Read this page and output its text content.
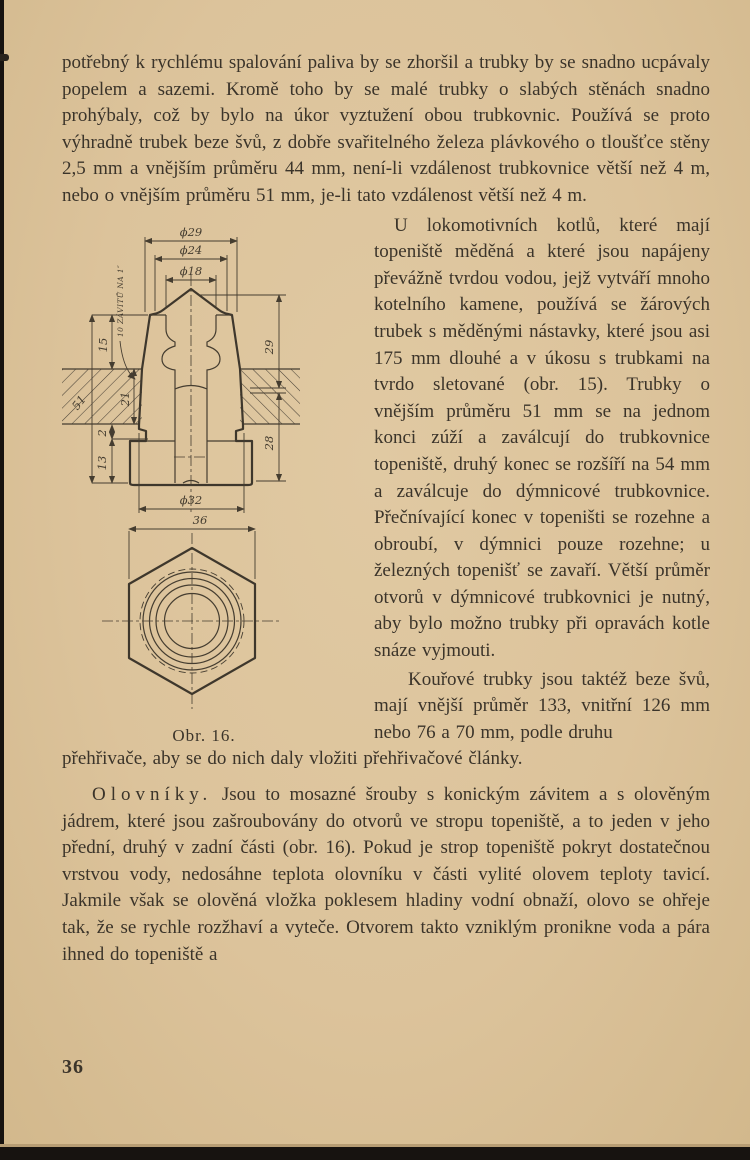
potřebný k rychlému spalování paliva by se zhoršil a trubky by se snadno ucpávaly popelem a sazemi. Kromě toho by se malé trubky o slabých stěnách snadno prohýbaly, což by bylo na úkor vyztužení obou trubkovnic. Používá se proto výhradně trubek beze švů, z dobře svařitelného železa plávkového o tloušťce stěny 2,5 mm a vnějším průměru 44 mm, není-li vzdálenost trubkovnice větší než 4 m, nebo o vnějším průměru 51 mm, je-li tato vzdálenost větší než 4 m.

ϕ29
ϕ24
ϕ18
29
28
15
21
2
13
51
10 ZÁVITŮ NA 1″
ϕ32
36
Obr. 16.

U lokomotivních kotlů, které mají topeniště měděná a které jsou napájeny převážně tvrdou vodou, jejž vytváří mnoho kotelního kamene, používá se žárových trubek s měděnými nástavky, které jsou asi 175 mm dlouhé a v úkosu s trubkami na tvrdo sletované (obr. 15). Trubky o vnějším průměru 51 mm se na jednom konci zúží a zaválcují do trubkovnice topeniště, druhý konec se rozšíří na 54 mm a zaválcuje do dýmnicové trubkovnice. Přečnívající konec v topeništi se rozehne a obroubí, v dýmnici pouze rozehne; u železných topenišť se zavaří. Větší průměr otvorů v dýmnicové trubkovnici je nutný, aby bylo možno trubky při opravách kotle snáze vyjmouti.

Kouřové trubky jsou taktéž beze švů, mají vnější průměr 133, vnitřní 126 mm nebo 76 a 70 mm, podle druhu

přehřivače, aby se do nich daly vložiti přehřivačové články.

Olovníky. Jsou to mosazné šrouby s konickým závitem a s olověným jádrem, které jsou zašroubovány do otvorů ve stropu topeniště, a to jeden v jeho přední, druhý v zadní části (obr. 16). Pokud je strop topeniště pokryt dostatečnou vrstvou vody, nedosáhne teplota olovníku v části vylité olovem teploty tavicí. Jakmile však se olověná vložka poklesem hladiny vodní obnaží, olovo se ohřeje tak, že se rychle rozžhaví a vyteče. Otvorem takto vzniklým pronikne voda a pára ihned do topeniště a

36
